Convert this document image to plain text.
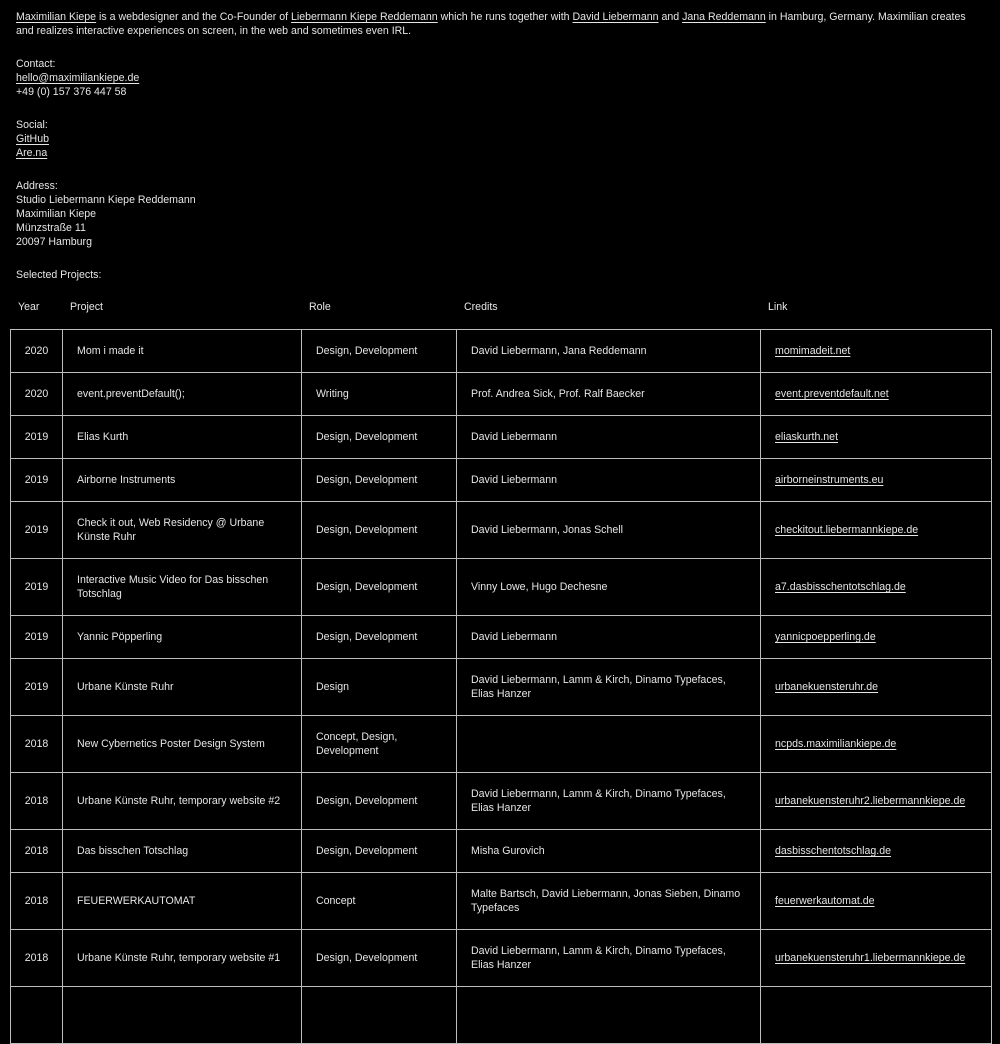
Maximilian Kiepe is a webdesigner and the Co-Founder of Liebermann Kiepe Reddemann which he runs together with David Liebermann and Jana Reddemann in Hamburg, Germany. Maximilian creates and realizes interactive experiences on screen, in the web and sometimes even IRL.

Contact:
hello@maximiliankiepe.de
+49 (0) 157 376 447 58
Social:
GitHub
Are.na
Address:
Studio Liebermann Kiepe Reddemann
Maximilian Kiepe
Münzstraße 11
20097 Hamburg
Selected Projects:
Year	Project	Role	Credits	Link
2020	Mom i made it	Design, Development	David Liebermann, Jana Reddemann	momimadeit.net
2020	event.preventDefault();	Writing	Prof. Andrea Sick, Prof. Ralf Baecker	event.preventdefault.net
2019	Elias Kurth	Design, Development	David Liebermann	eliaskurth.net
2019	Airborne Instruments	Design, Development	David Liebermann	airborneinstruments.eu
2019	Check it out, Web Residency @ Urbane Künste Ruhr	Design, Development	David Liebermann, Jonas Schell	checkitout.liebermannkiepe.de
2019	Interactive Music Video for Das bisschen Totschlag	Design, Development	Vinny Lowe, Hugo Dechesne	a7.dasbisschentotschlag.de
2019	Yannic Pöpperling	Design, Development	David Liebermann	yannicpoepperling.de
2019	Urbane Künste Ruhr	Design	David Liebermann, Lamm & Kirch, Dinamo Typefaces, Elias Hanzer	urbanekuensteruhr.de
2018	New Cybernetics Poster Design System	Concept, Design, Development		ncpds.maximiliankiepe.de
2018	Urbane Künste Ruhr, temporary website #2	Design, Development	David Liebermann, Lamm & Kirch, Dinamo Typefaces, Elias Hanzer	urbanekuensteruhr2.liebermannkiepe.de
2018	Das bisschen Totschlag	Design, Development	Misha Gurovich	dasbisschentotschlag.de
2018	FEUERWERKAUTOMAT	Concept	Malte Bartsch, David Liebermann, Jonas Sieben, Dinamo Typefaces	feuerwerkautomat.de
2018	Urbane Künste Ruhr, temporary website #1	Design, Development	David Liebermann, Lamm & Kirch, Dinamo Typefaces, Elias Hanzer	urbanekuensteruhr1.liebermannkiepe.de
